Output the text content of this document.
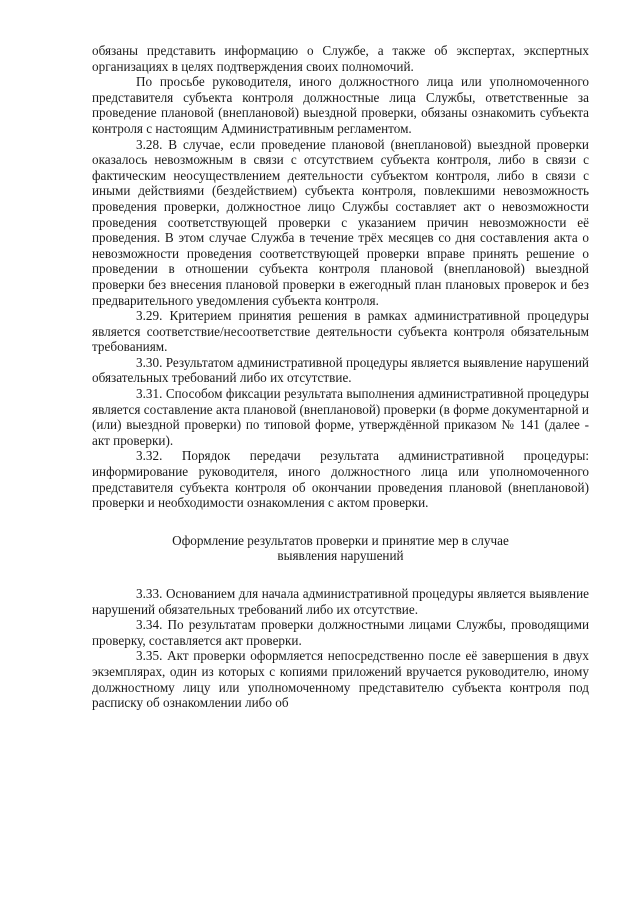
обязаны представить информацию о Службе, а также об экспертах, экспертных организациях в целях подтверждения своих полномочий.

По просьбе руководителя, иного должностного лица или уполномоченного представителя субъекта контроля должностные лица Службы, ответственные за проведение плановой (внеплановой) выездной проверки, обязаны ознакомить субъекта контроля с настоящим Административным регламентом.

3.28. В случае, если проведение плановой (внеплановой) выездной проверки оказалось невозможным в связи с отсутствием субъекта контроля, либо в связи с фактическим неосуществлением деятельности субъектом контроля, либо в связи с иными действиями (бездействием) субъекта контроля, повлекшими невозможность проведения проверки, должностное лицо Службы составляет акт о невозможности проведения соответствующей проверки с указанием причин невозможности её проведения. В этом случае Служба в течение трёх месяцев со дня составления акта о невозможности проведения соответствующей проверки вправе принять решение о проведении в отношении субъекта контроля плановой (внеплановой) выездной проверки без внесения плановой проверки в ежегодный план плановых проверок и без предварительного уведомления субъекта контроля.

3.29. Критерием принятия решения в рамках административной процедуры является соответствие/несоответствие деятельности субъекта контроля обязательным требованиям.

3.30. Результатом административной процедуры является выявление нарушений обязательных требований либо их отсутствие.

3.31. Способом фиксации результата выполнения административной процедуры является составление акта плановой (внеплановой) проверки (в форме документарной и (или) выездной проверки) по типовой форме, утверждённой приказом № 141 (далее - акт проверки).

3.32. Порядок передачи результата административной процедуры: информирование руководителя, иного должностного лица или уполномоченного представителя субъекта контроля об окончании проведения плановой (внеплановой) проверки и необходимости ознакомления с актом проверки.

Оформление результатов проверки и принятие мер в случае
выявления нарушений

3.33. Основанием для начала административной процедуры является выявление нарушений обязательных требований либо их отсутствие.

3.34. По результатам проверки должностными лицами Службы, проводящими проверку, составляется акт проверки.

3.35. Акт проверки оформляется непосредственно после её завершения в двух экземплярах, один из которых с копиями приложений вручается руководителю, иному должностному лицу или уполномоченному представителю субъекта контроля под расписку об ознакомлении либо об
